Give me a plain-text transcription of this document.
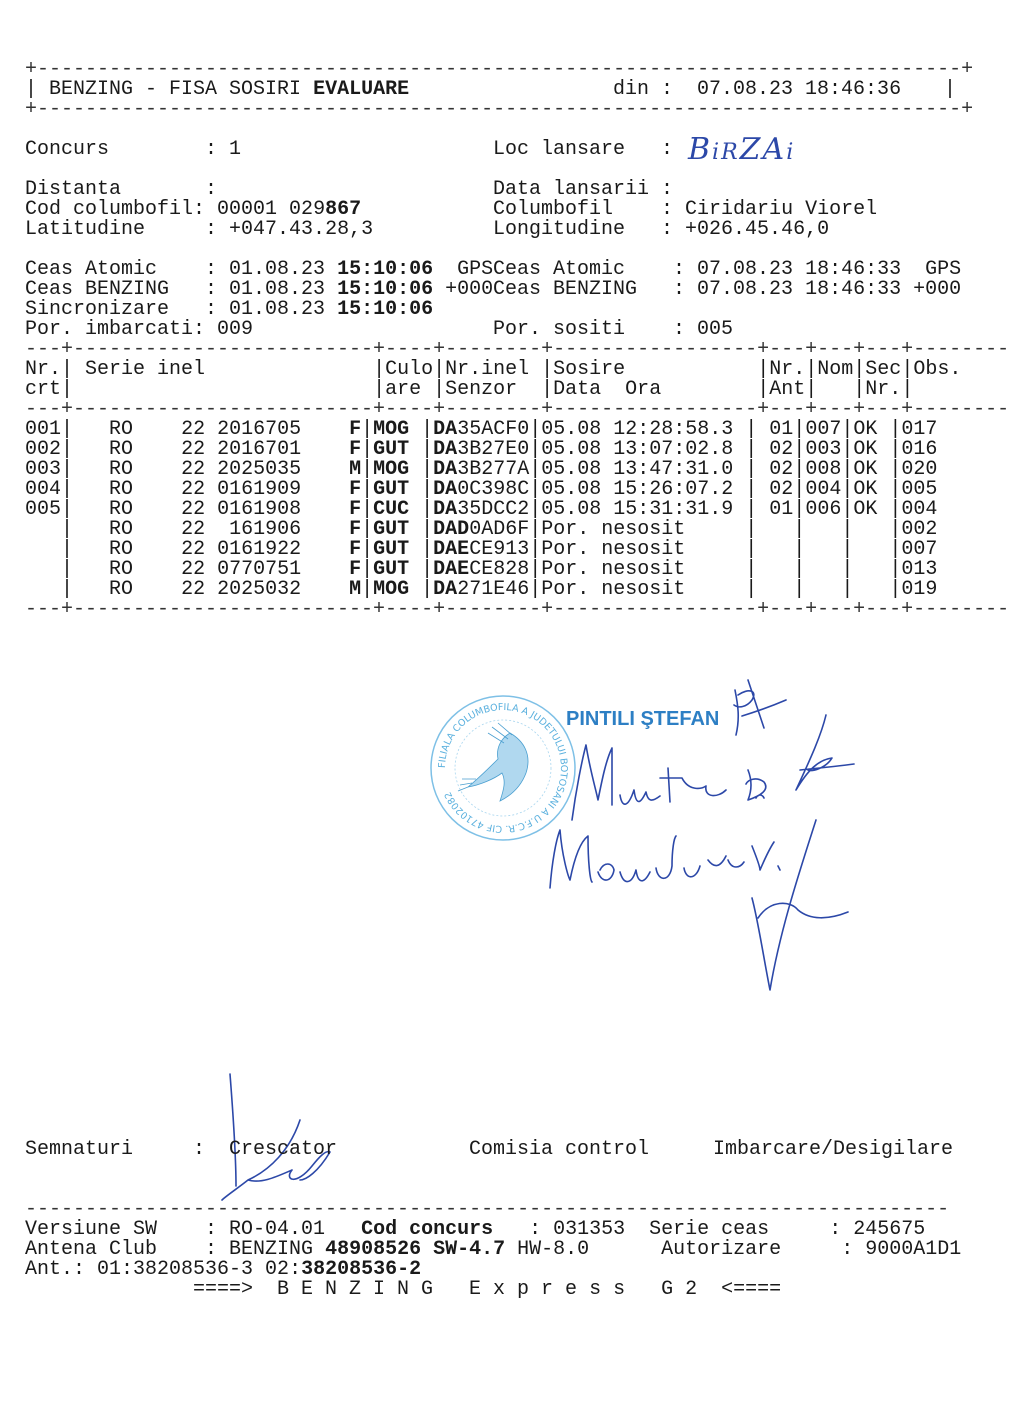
+-----------------------------------------------------------------------------+
| BENZING - FISA SOSIRI EVALUARE	din : 07.08.23 18:46:36 |
+-----------------------------------------------------------------------------+
Concurs        : 1	Loc lansare   : BiRZAi
Distanta       :	Data lansarii :
Cod columbofil: 00001 029867	Columbofil    : Ciridariu Viorel
Latitudine     : +047.43.28,3	Longitudine   : +026.45.46,0
Ceas Atomic    : 01.08.23 15:10:06  GPS
Ceas BENZING   : 01.08.23 15:10:06 +000
Sincronizare   : 01.08.23 15:10:06
Ceas Atomic    : 07.08.23 18:46:33  GPS
Ceas BENZING   : 07.08.23 18:46:33 +000
Por. imbarcati: 009	Por. sositi    : 005
---+-------------------------+----+--------+-----------------+---+---+---+--------
Nr.| Serie inel              |Culo|Nr.inel |Sosire           |Nr.|Nom|Sec|Obs.
crt|	|are |Senzor  |Data  Ora        |Ant| |Nr.|
---+-------------------------+----+--------+-----------------+---+---+---+--------
001|   RO    22 2016705    F|MOG |DA35ACF0|05.08 12:28:58.3 | 01|007|OK |017
002|   RO    22 2016701    F|GUT |DA3B27E0|05.08 13:07:02.8 | 02|003|OK |016
003|   RO    22 2025035    M|MOG |DA3B277A|05.08 13:47:31.0 | 02|008|OK |020
004|   RO    22 0161909    F|GUT |DA0C398C|05.08 15:26:07.2 | 02|004|OK |005
005|   RO    22 0161908    F|CUC |DA35DCC2|05.08 15:31:31.9 | 01|006|OK |004
|   RO    22  161906    F|GUT |DAD0AD6F|Por. nesosit     | | | |002
|   RO    22 0161922    F|GUT |DAECE913|Por. nesosit     | | | |007
|   RO    22 0770751    F|GUT |DAECE828|Por. nesosit     | | | |013
|   RO    22 2025032    M|MOG |DA271E46|Por. nesosit     | | | |019
---+-------------------------+----+--------+-----------------+---+---+---+--------
FILIALA COLUMBOFILA A JUDETULUI BOTOSANI A U.F.C.R. CIF 47102082
PINTILI ŞTEFAN
Semnaturi	: Crescator	Comisia control	Imbarcare/Desigilare
-----------------------------------------------------------------------------
Versiune SW    : RO-04.01 Cod concurs : 031353 Serie ceas	: 245675
Antena Club    : BENZING 48908526 SW-4.7 HW-8.0	Autorizare	: 9000A1D1
Ant.: 01:38208536-3 02:38208536-2
====>  B E N Z I N G   E x p r e s s   G 2  <====
